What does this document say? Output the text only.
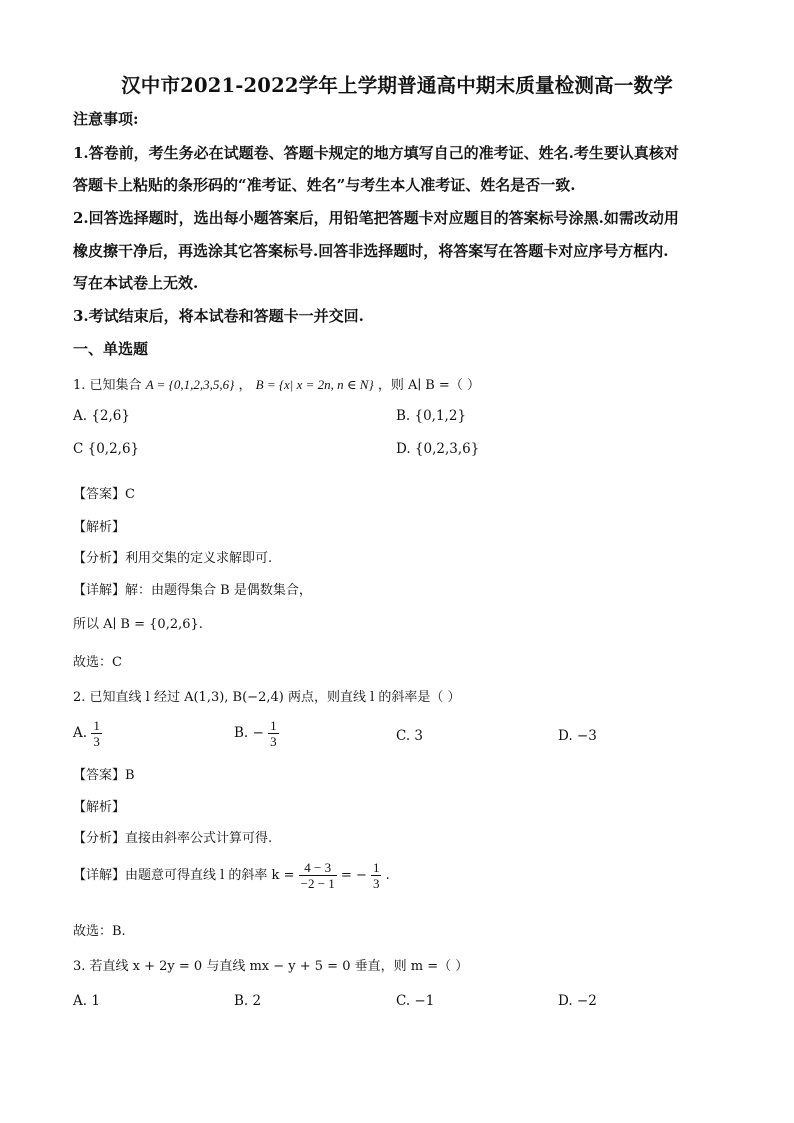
汉中市2021-2022学年上学期普通高中期末质量检测高一数学
注意事项:
1.答卷前，考生务必在试题卷、答题卡规定的地方填写自己的准考证、姓名.考生要认真核对
答题卡上粘贴的条形码的“准考证、姓名”与考生本人准考证、姓名是否一致.
2.回答选择题时，选出每小题答案后，用铅笔把答题卡对应题目的答案标号涂黑.如需改动用
橡皮擦干净后，再选涂其它答案标号.回答非选择题时，将答案写在答题卡对应序号方框内.
写在本试卷上无效.
3.考试结束后，将本试卷和答题卡一并交回.
一、单选题
1. 已知集合 A = {0,1,2,3,5,6} ， B = {x| x = 2n, n ∈ N} ，则 A∣ B =（ ）
A. {2,6}	B. {0,1,2}
C {0,2,6}	D. {0,2,3,6}
【答案】C
【解析】
【分析】利用交集的定义求解即可.
【详解】解：由题得集合 B 是偶数集合，
所以 A∣ B = {0,2,6}.
故选：C
2. 已知直线 l 经过 A(1,3), B(−2,4) 两点，则直线 l 的斜率是（ ）
A. $\frac{1}{3}$	B. − $\frac{1}{3}$	C. 3	D. −3
【答案】B
【解析】
【分析】直接由斜率公式计算可得.
【详解】由题意可得直线 l 的斜率 $k = \frac{4 - 3}{-2 - 1}$ = − $\frac{1}{3}$ .
故选：B.
3. 若直线 x + 2y = 0 与直线 mx − y + 5 = 0 垂直，则 m =（ ）
A. 1	B. 2	C. −1	D. −2
